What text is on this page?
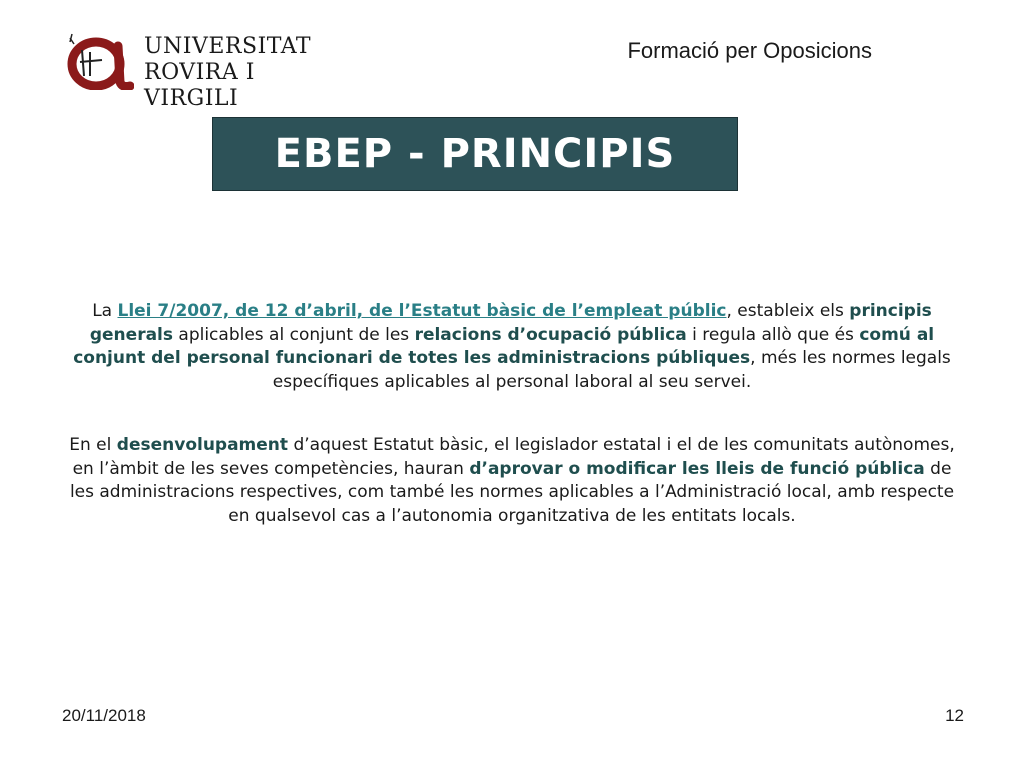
UNIVERSITAT
ROVIRA I VIRGILI
Formació per Oposicions
EBEP - PRINCIPIS

La Llei 7/2007, de 12 d’abril, de l’Estatut bàsic de l’empleat públic, estableix els principis generals aplicables al conjunt de les relacions d’ocupació pública i regula allò que és comú al conjunt del personal funcionari de totes les administracions públiques, més les normes legals específiques aplicables al personal laboral al seu servei.

En el desenvolupament d’aquest Estatut bàsic, el legislador estatal i el de les comunitats autònomes, en l’àmbit de les seves competències, hauran d’aprovar o modificar les lleis de funció pública de les administracions respectives, com també les normes aplicables a l’Administració local, amb respecte en qualsevol cas a l’autonomia organitzativa de les entitats locals.

20/11/2018	12
